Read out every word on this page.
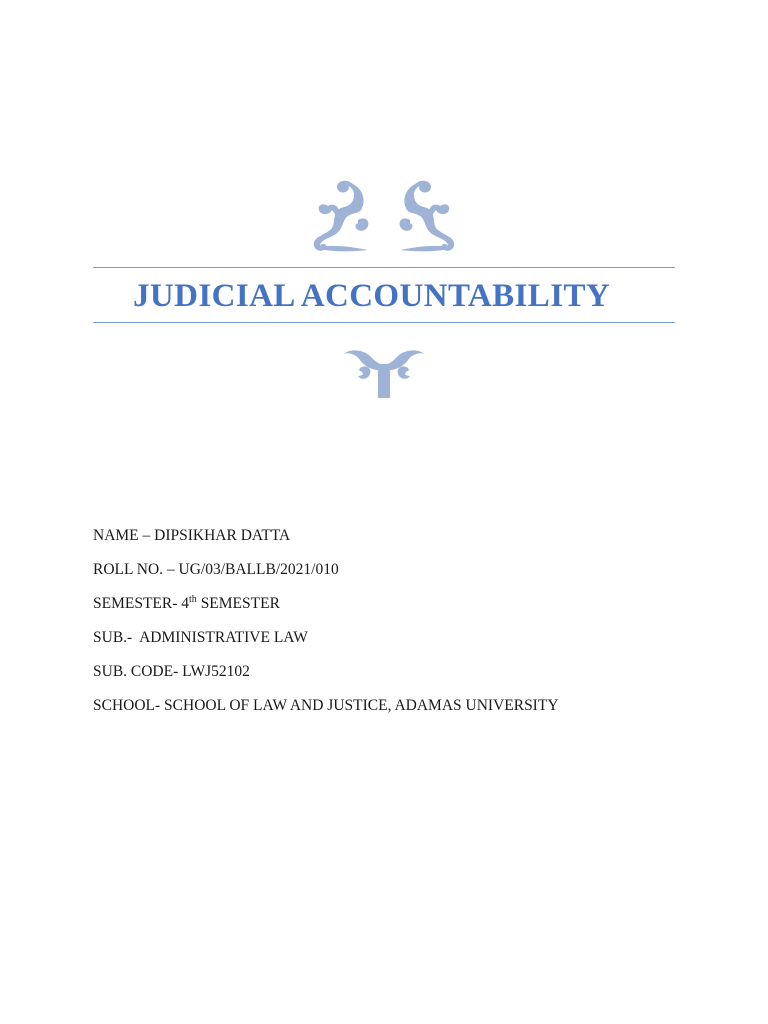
JUDICIAL ACCOUNTABILITY
NAME – DIPSIKHAR DATTA
ROLL NO. – UG/03/BALLB/2021/010
SEMESTER- 4th SEMESTER
SUB.-  ADMINISTRATIVE LAW
SUB. CODE- LWJ52102
SCHOOL- SCHOOL OF LAW AND JUSTICE, ADAMAS UNIVERSITY
